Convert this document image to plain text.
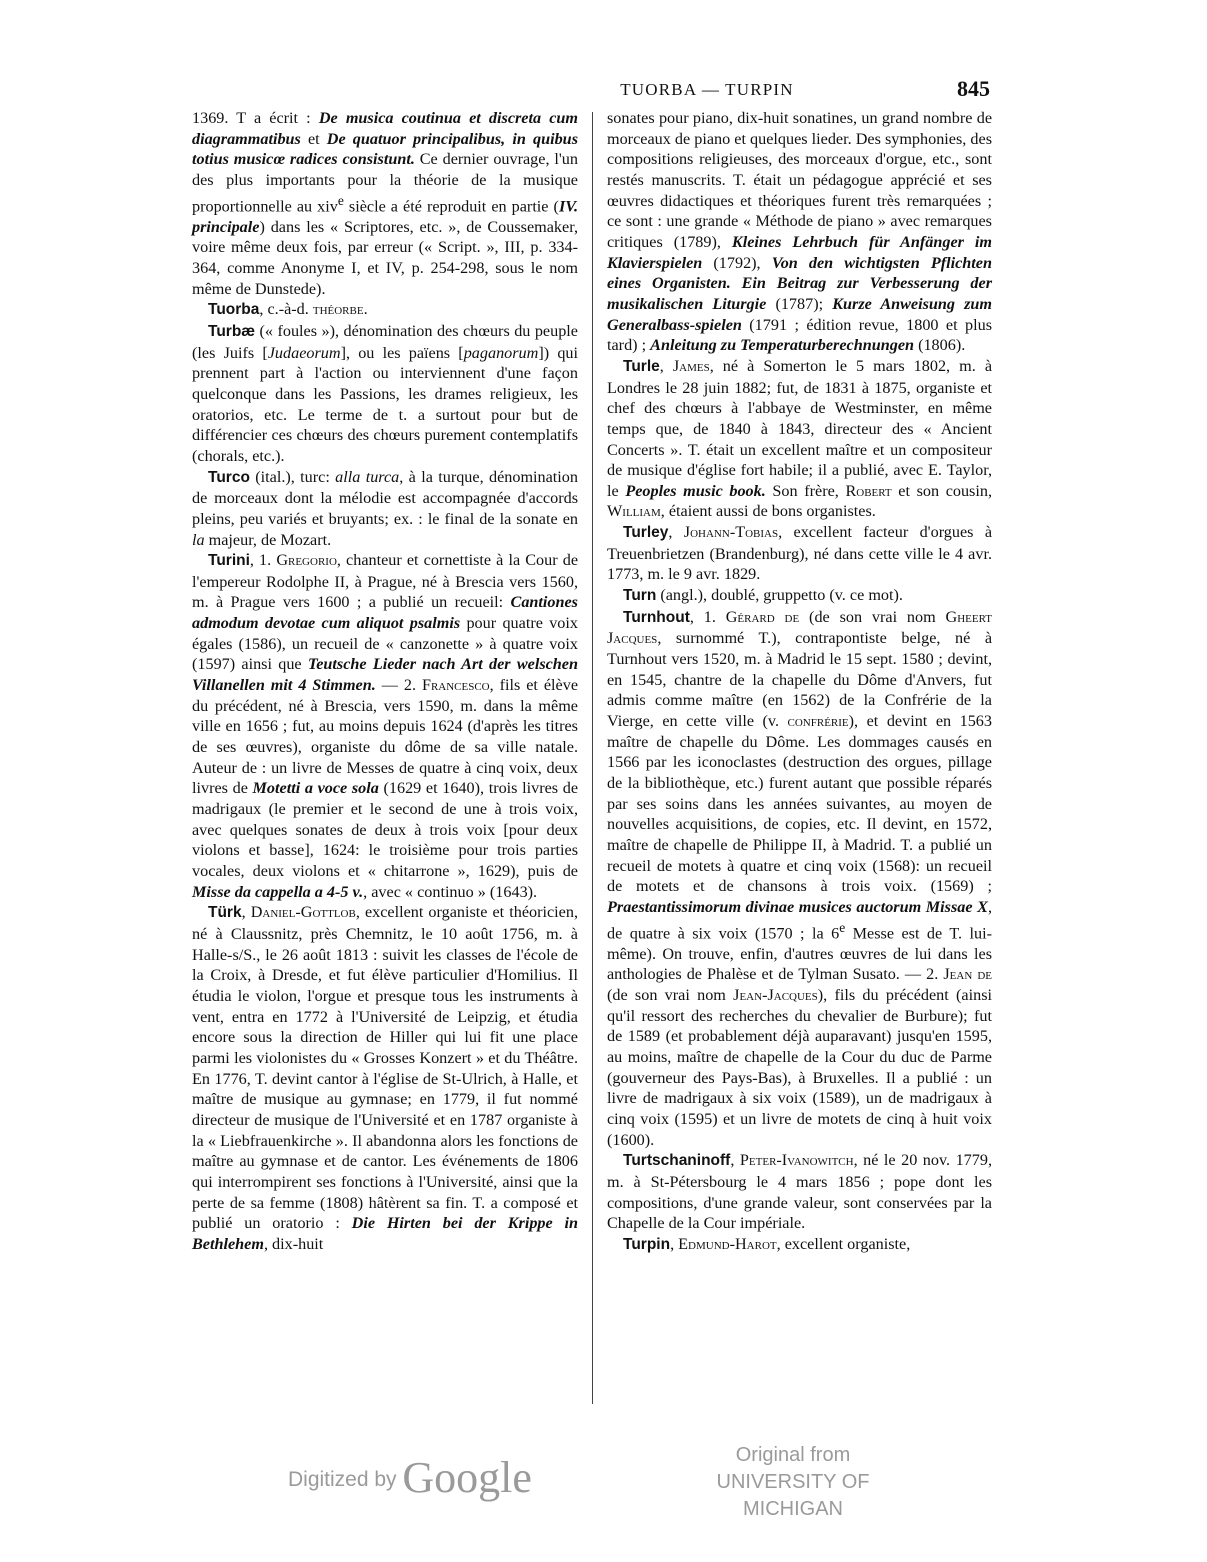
TUORBA — TURPIN	845

1369. T a écrit : De musica coutinua et discreta cum diagrammatibus et De quatuor principalibus, in quibus totius musicœ radices consistunt. Ce dernier ouvrage, l'un des plus importants pour la théorie de la musique proportionnelle au xiv$^e$ siècle a été reproduit en partie (IV. principale) dans les « Scriptores, etc. », de Coussemaker, voire même deux fois, par erreur (« Script. », III, p. 334-364, comme Anonyme I, et IV, p. 254-298, sous le nom même de Dunstede).

Tuorba, c.-à-d. théorbe.

Turbæ (« foules »), dénomination des chœurs du peuple (les Juifs [Judaeorum], ou les païens [paganorum]) qui prennent part à l'action ou interviennent d'une façon quelconque dans les Passions, les drames religieux, les oratorios, etc. Le terme de t. a surtout pour but de différencier ces chœurs des chœurs purement contemplatifs (chorals, etc.).

Turco (ital.), turc: alla turca, à la turque, dénomination de morceaux dont la mélodie est accompagnée d'accords pleins, peu variés et bruyants; ex. : le final de la sonate en la majeur, de Mozart.

Turini, 1. Gregorio, chanteur et cornettiste à la Cour de l'empereur Rodolphe II, à Prague, né à Brescia vers 1560, m. à Prague vers 1600 ; a publié un recueil: Cantiones admodum devotae cum aliquot psalmis pour quatre voix égales (1586), un recueil de « canzonette » à quatre voix (1597) ainsi que Teutsche Lieder nach Art der welschen Villanellen mit 4 Stimmen. — 2. Francesco, fils et élève du précédent, né à Brescia, vers 1590, m. dans la même ville en 1656 ; fut, au moins depuis 1624 (d'après les titres de ses œuvres), organiste du dôme de sa ville natale. Auteur de : un livre de Messes de quatre à cinq voix, deux livres de Motetti a voce sola (1629 et 1640), trois livres de madrigaux (le premier et le second de une à trois voix, avec quelques sonates de deux à trois voix [pour deux violons et basse], 1624: le troisième pour trois parties vocales, deux violons et « chitarrone », 1629), puis de Misse da cappella a 4-5 v., avec « continuo » (1643).

Türk, Daniel-Gottlob, excellent organiste et théoricien, né à Claussnitz, près Chemnitz, le 10 août 1756, m. à Halle-s/S., le 26 août 1813 : suivit les classes de l'école de la Croix, à Dresde, et fut élève particulier d'Homilius. Il étudia le violon, l'orgue et presque tous les instruments à vent, entra en 1772 à l'Université de Leipzig, et étudia encore sous la direction de Hiller qui lui fit une place parmi les violonistes du « Grosses Konzert » et du Théâtre. En 1776, T. devint cantor à l'église de St-Ulrich, à Halle, et maître de musique au gymnase; en 1779, il fut nommé directeur de musique de l'Université et en 1787 organiste à la « Liebfrauenkirche ». Il abandonna alors les fonctions de maître au gymnase et de cantor. Les événements de 1806 qui interrompirent ses fonctions à l'Université, ainsi que la perte de sa femme (1808) hâtèrent sa fin. T. a composé et publié un oratorio : Die Hirten bei der Krippe in Bethlehem, dix-huit

sonates pour piano, dix-huit sonatines, un grand nombre de morceaux de piano et quelques lieder. Des symphonies, des compositions religieuses, des morceaux d'orgue, etc., sont restés manuscrits. T. était un pédagogue apprécié et ses œuvres didactiques et théoriques furent très remarquées ; ce sont : une grande « Méthode de piano » avec remarques critiques (1789), Kleines Lehrbuch für Anfänger im Klavierspielen (1792), Von den wichtigsten Pflichten eines Organisten. Ein Beitrag zur Verbesserung der musikalischen Liturgie (1787); Kurze Anweisung zum Generalbass-spielen (1791 ; édition revue, 1800 et plus tard) ; Anleitung zu Temperaturberechnungen (1806).

Turle, James, né à Somerton le 5 mars 1802, m. à Londres le 28 juin 1882; fut, de 1831 à 1875, organiste et chef des chœurs à l'abbaye de Westminster, en même temps que, de 1840 à 1843, directeur des « Ancient Concerts ». T. était un excellent maître et un compositeur de musique d'église fort habile; il a publié, avec E. Taylor, le Peoples music book. Son frère, Robert et son cousin, William, étaient aussi de bons organistes.

Turley, Johann-Tobias, excellent facteur d'orgues à Treuenbrietzen (Brandenburg), né dans cette ville le 4 avr. 1773, m. le 9 avr. 1829.

Turn (angl.), doublé, gruppetto (v. ce mot).

Turnhout, 1. Gérard de (de son vrai nom Gheert Jacques, surnommé T.), contrapontiste belge, né à Turnhout vers 1520, m. à Madrid le 15 sept. 1580 ; devint, en 1545, chantre de la chapelle du Dôme d'Anvers, fut admis comme maître (en 1562) de la Confrérie de la Vierge, en cette ville (v. confrérie), et devint en 1563 maître de chapelle du Dôme. Les dommages causés en 1566 par les iconoclastes (destruction des orgues, pillage de la bibliothèque, etc.) furent autant que possible réparés par ses soins dans les années suivantes, au moyen de nouvelles acquisitions, de copies, etc. Il devint, en 1572, maître de chapelle de Philippe II, à Madrid. T. a publié un recueil de motets à quatre et cinq voix (1568): un recueil de motets et de chansons à trois voix. (1569) ; Praestantissimorum divinae musices auctorum Missae X, de quatre à six voix (1570 ; la 6e Messe est de T. lui-même). On trouve, enfin, d'autres œuvres de lui dans les anthologies de Phalèse et de Tylman Susato. — 2. Jean de (de son vrai nom Jean-Jacques), fils du précédent (ainsi qu'il ressort des recherches du chevalier de Burbure); fut de 1589 (et probablement déjà auparavant) jusqu'en 1595, au moins, maître de chapelle de la Cour du duc de Parme (gouverneur des Pays-Bas), à Bruxelles. Il a publié : un livre de madrigaux à six voix (1589), un de madrigaux à cinq voix (1595) et un livre de motets de cinq à huit voix (1600).

Turtschaninoff, Peter-Ivanowitch, né le 20 nov. 1779, m. à St-Pétersbourg le 4 mars 1856 ; pope dont les compositions, d'une grande valeur, sont conservées par la Chapelle de la Cour impériale.

Turpin, Edmund-Harot, excellent organiste,

Digitized by Google	Original from
UNIVERSITY OF MICHIGAN
